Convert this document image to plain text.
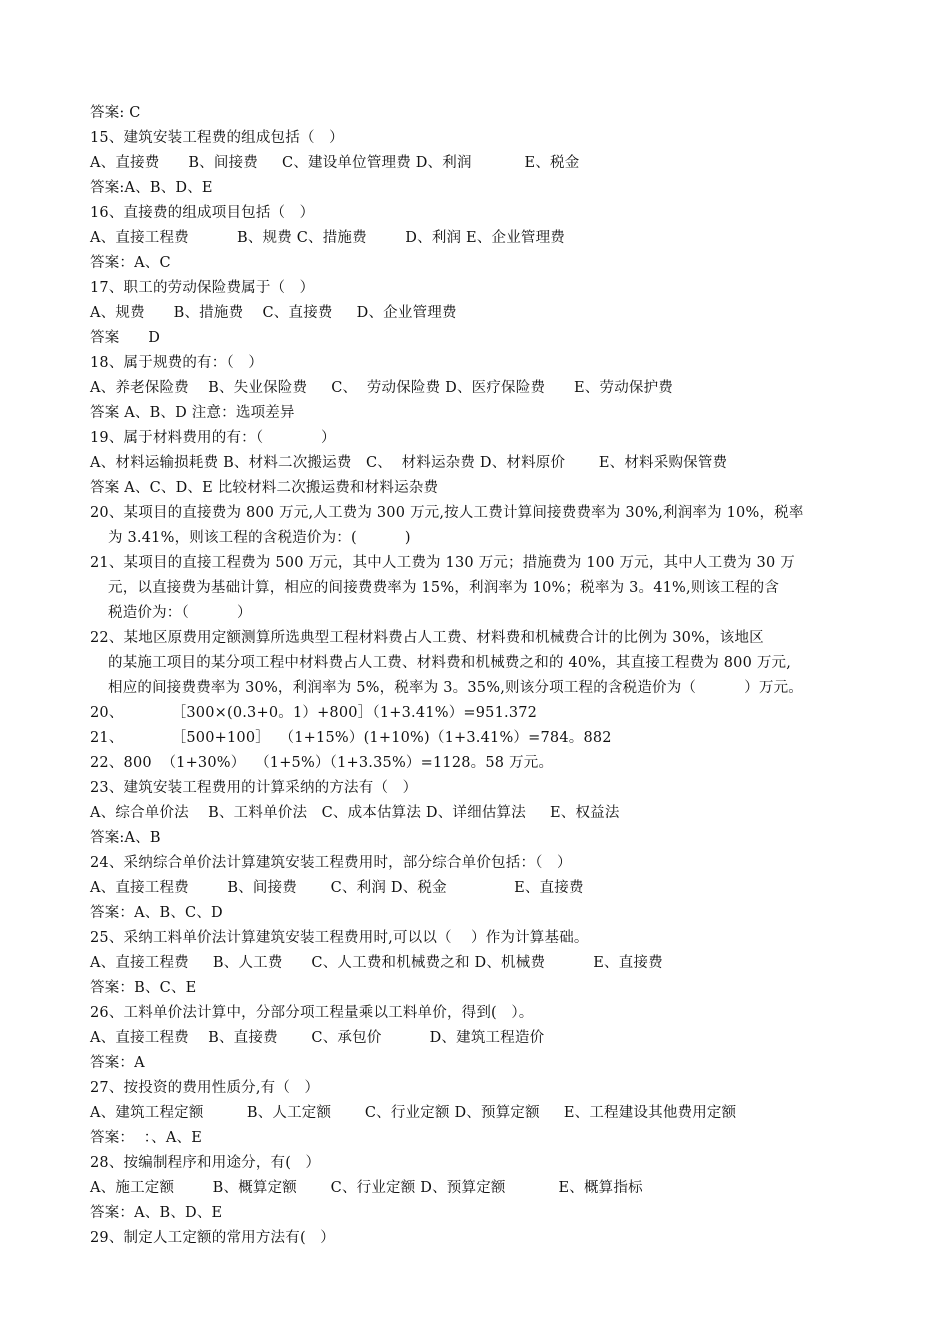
答案: C
15、建筑安装工程费的组成包括（   ）
A、直接费      B、间接费     C、建设单位管理费 D、利润           E、税金
答案:A、B、D、E
16、直接费的组成项目包括（   ）
A、直接工程费          B、规费 C、措施费        D、利润 E、企业管理费
答案：A、C
17、职工的劳动保险费属于（   ）
A、规费      B、措施费    C、直接费     D、企业管理费
答案      D
18、属于规费的有：（   ）
A、养老保险费    B、失业保险费     C、  劳动保险费 D、医疗保险费      E、劳动保护费
答案 A、B、D 注意：选项差异
19、属于材料费用的有：（            ）
A、材料运输损耗费 B、材料二次搬运费   C、  材料运杂费 D、材料原价       E、材料采购保管费
答案 A、C、D、E 比较材料二次搬运费和材料运杂费
20、某项目的直接费为 800 万元,人工费为 300 万元,按人工费计算间接费费率为 30%,利润率为 10%，税率
为 3.41%，则该工程的含税造价为：(          )
21、某项目的直接工程费为 500 万元，其中人工费为 130 万元；措施费为 100 万元，其中人工费为 30 万
元，以直接费为基础计算，相应的间接费费率为 15%，利润率为 10%；税率为 3。41%,则该工程的含
税造价为：（          ）
22、某地区原费用定额测算所选典型工程材料费占人工费、材料费和机械费合计的比例为 30%，该地区
的某施工项目的某分项工程中材料费占人工费、材料费和机械费之和的 40%，其直接工程费为 800 万元,
相应的间接费费率为 30%，利润率为 5%，税率为 3。35%,则该分项工程的含税造价为（          ）万元。
20、          ［300×(0.3+0。1）+800］（1+3.41%）=951.372
21、          ［500+100］  （1+15%）(1+10%)（1+3.41%）=784。882
22、800  （1+30%）  （1+5%）（1+3.35%）=1128。58 万元。
23、建筑安装工程费用的计算采纳的方法有（   ）
A、综合单价法    B、工料单价法   C、成本估算法 D、详细估算法     E、权益法
答案:A、B
24、采纳综合单价法计算建筑安装工程费用时，部分综合单价包括：（   ）
A、直接工程费        B、间接费       C、利润 D、税金              E、直接费
答案：A、B、C、D
25、采纳工料单价法计算建筑安装工程费用时,可以以（    ）作为计算基础。
A、直接工程费     B、人工费      C、人工费和机械费之和 D、机械费          E、直接费
答案：B、C、E
26、工料单价法计算中，分部分项工程量乘以工料单价，得到(   ）。
A、直接工程费    B、直接费       C、承包价          D、建筑工程造价
答案：A
27、按投资的费用性质分,有（   ）
A、建筑工程定额         B、人工定额       C、行业定额 D、预算定额     E、工程建设其他费用定额
答案：  ：、A、E
28、按编制程序和用途分，有(   ）
A、施工定额        B、概算定额       C、行业定额 D、预算定额           E、概算指标
答案：A、B、D、E
29、制定人工定额的常用方法有(   ）
